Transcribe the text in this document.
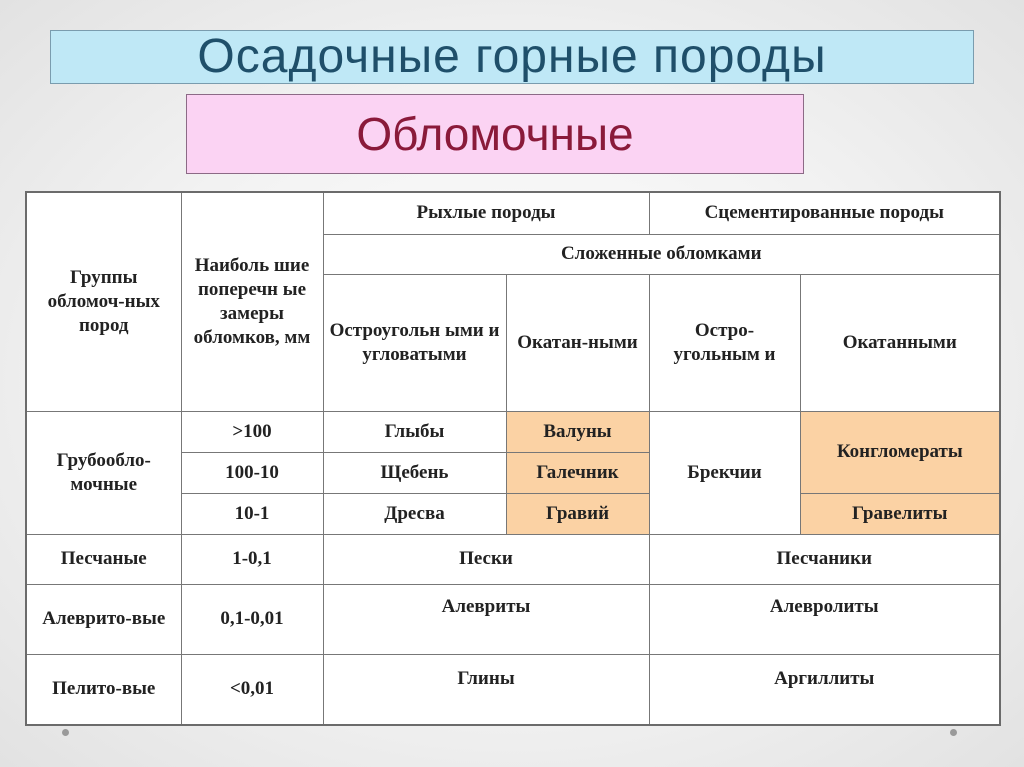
Осадочные горные породы
Обломочные
Группы обломоч-ных пород	Наиболь шие поперечн ые замеры обломков, мм	Рыхлые породы		Сцементированные породы	
		Сложенные обломками			
		Остроугольн ыми и угловатыми	Окатан-ными	Остро-угольным и	Окатанными
Грубообло-мочные	>100	Глыбы	Валуны	Брекчии	Конгломераты
	100-10	Щебень	Галечник		
	10-1	Дресва	Гравий		Гравелиты
Песчаные	1-0,1	Пески		Песчаники	
Алеврито-вые	0,1-0,01	Алевриты		Алевролиты	
Пелито-вые	<0,01	Глины		Аргиллиты	
